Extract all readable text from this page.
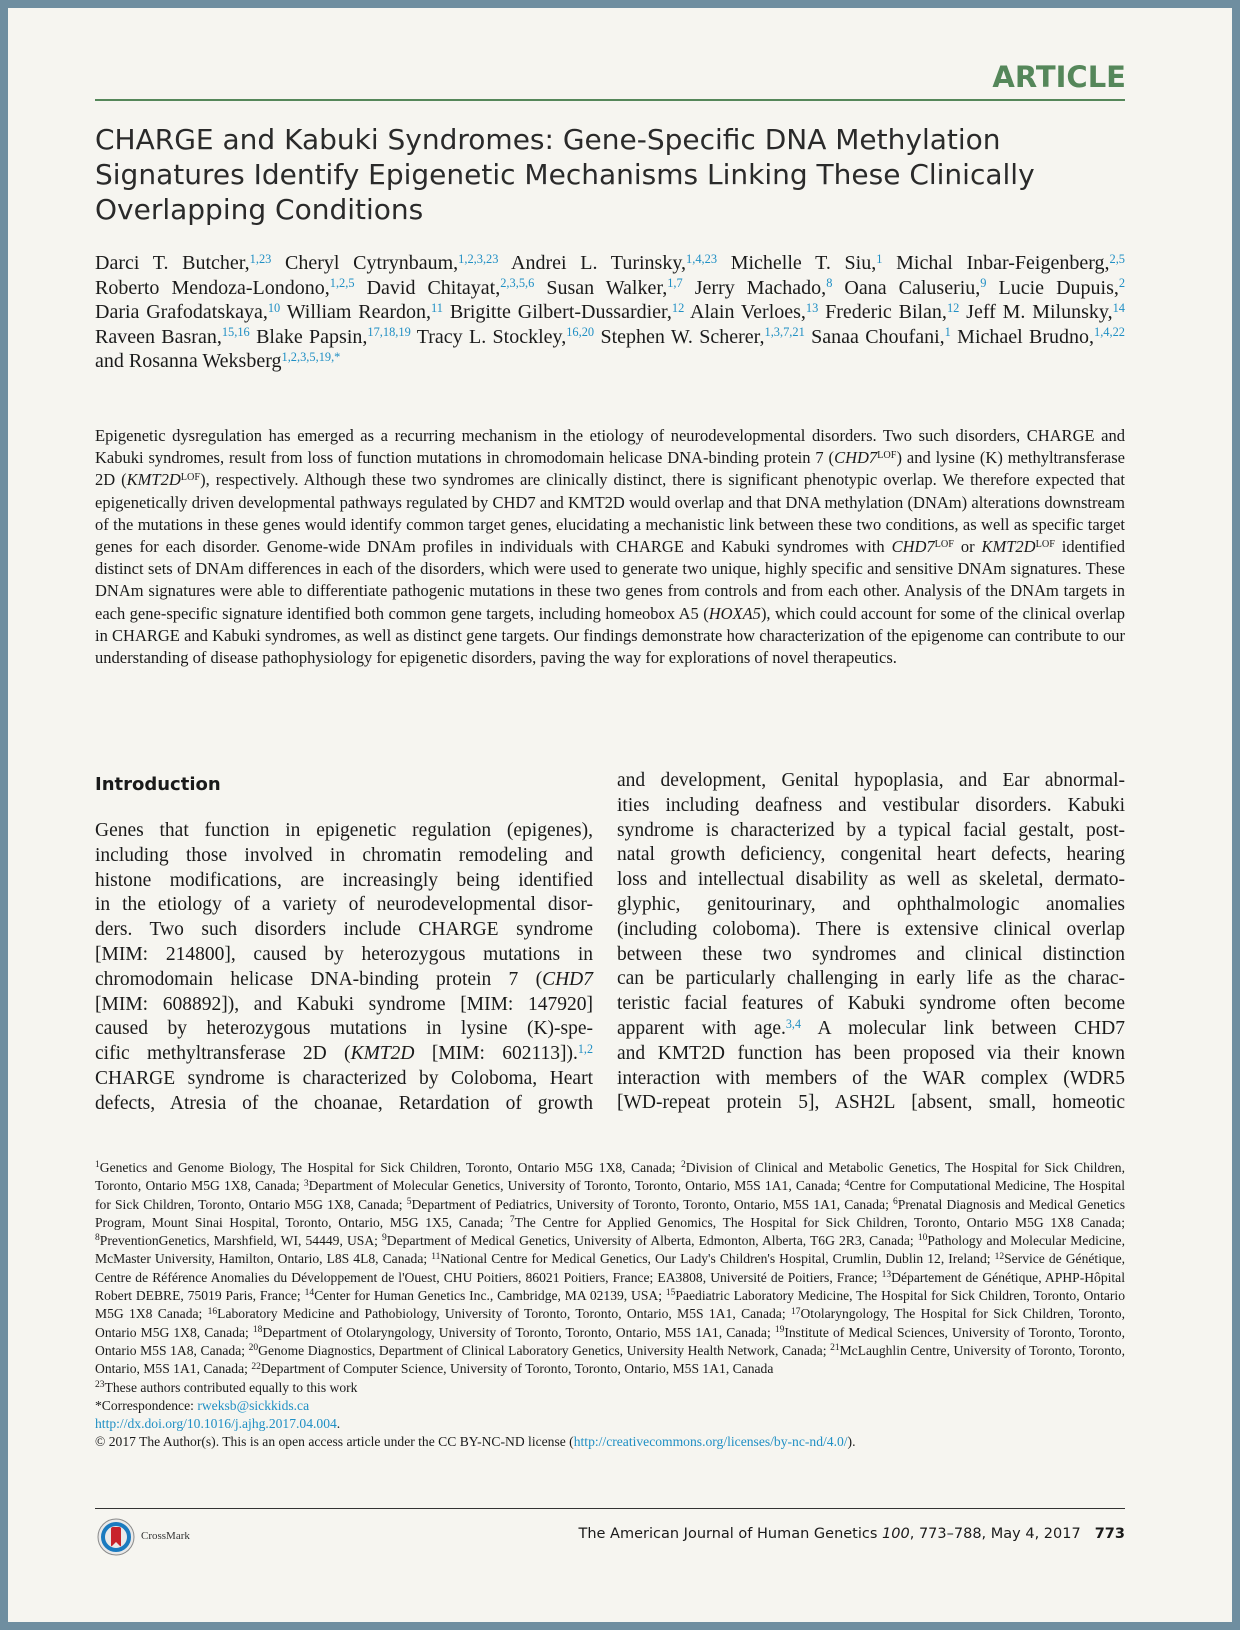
ARTICLE
CHARGE and Kabuki Syndromes: Gene-Specific DNA Methylation Signatures Identify Epigenetic Mechanisms Linking These Clinically Overlapping Conditions
Darci T. Butcher,$^{1,23}$ Cheryl Cytrynbaum,$^{1,2,3,23}$ Andrei L. Turinsky,$^{1,4,23}$ Michelle T. Siu,$^1$ Michal Inbar-Feigenberg,$^{2,5}$ Roberto Mendoza-Londono,$^{1,2,5}$ David Chitayat,$^{2,3,5,6}$ Susan Walker,$^{1,7}$ Jerry Machado,$^8$ Oana Caluseriu,$^9$ Lucie Dupuis,$^2$ Daria Grafodatskaya,$^{10}$ William Reardon,$^{11}$ Brigitte Gilbert-Dussardier,$^{12}$ Alain Verloes,$^{13}$ Frederic Bilan,$^{12}$ Jeff M. Milunsky,$^{14}$ Raveen Basran,$^{15,16}$ Blake Papsin,$^{17,18,19}$ Tracy L. Stockley,$^{16,20}$ Stephen W. Scherer,$^{1,3,7,21}$ Sanaa Choufani,$^1$ Michael Brudno,$^{1,4,22}$ and Rosanna Weksberg$^{1,2,3,5,19,*}$
Epigenetic dysregulation has emerged as a recurring mechanism in the etiology of neurodevelopmental disorders. Two such disorders, CHARGE and Kabuki syndromes, result from loss of function mutations in chromodomain helicase DNA-binding protein 7 $(CHD7^{LOF})$ and lysine (K) methyltransferase 2D $(KMT2D^{LOF})$, respectively. Although these two syndromes are clinically distinct, there is significant phenotypic overlap. We therefore expected that epigenetically driven developmental pathways regulated by CHD7 and KMT2D would overlap and that DNA methylation (DNAm) alterations downstream of the mutations in these genes would identify common target genes, elucidating a mechanistic link between these two conditions, as well as specific target genes for each disorder. Genome-wide DNAm profiles in individuals with CHARGE and Kabuki syndromes with $CHD7^{LOF}$ or $KMT2D^{LOF}$ identified distinct sets of DNAm differences in each of the disorders, which were used to generate two unique, highly specific and sensitive DNAm signatures. These DNAm signatures were able to differentiate pathogenic mutations in these two genes from controls and from each other. Analysis of the DNAm targets in each gene-specific signature identified both common gene targets, including homeobox A5 (HOXA5), which could account for some of the clinical overlap in CHARGE and Kabuki syndromes, as well as distinct gene targets. Our findings demonstrate how characterization of the epigenome can contribute to our understanding of disease pathophysiology for epigenetic disorders, paving the way for explorations of novel therapeutics.
Introduction
Genes that function in epigenetic regulation (epigenes),
including those involved in chromatin remodeling and
histone modifications, are increasingly being identified
in the etiology of a variety of neurodevelopmental disor-
ders. Two such disorders include CHARGE syndrome
[MIM: 214800], caused by heterozygous mutations in
chromodomain helicase DNA-binding protein 7 (CHD7
[MIM: 608892]), and Kabuki syndrome [MIM: 147920]
caused by heterozygous mutations in lysine (K)-spe-
cific methyltransferase 2D (KMT2D [MIM: 602113]).$^{1,2}$
CHARGE syndrome is characterized by Coloboma, Heart
defects, Atresia of the choanae, Retardation of growth
and development, Genital hypoplasia, and Ear abnormal-
ities including deafness and vestibular disorders. Kabuki
syndrome is characterized by a typical facial gestalt, post-
natal growth deficiency, congenital heart defects, hearing
loss and intellectual disability as well as skeletal, dermato-
glyphic, genitourinary, and ophthalmologic anomalies
(including coloboma). There is extensive clinical overlap
between these two syndromes and clinical distinction
can be particularly challenging in early life as the charac-
teristic facial features of Kabuki syndrome often become
apparent with age.$^{3,4}$ A molecular link between CHD7
and KMT2D function has been proposed via their known
interaction with members of the WAR complex (WDR5
[WD-repeat protein 5], ASH2L [absent, small, homeotic
$^1$Genetics and Genome Biology, The Hospital for Sick Children, Toronto, Ontario M5G 1X8, Canada; $^2$Division of Clinical and Metabolic Genetics, The Hospital for Sick Children, Toronto, Ontario M5G 1X8, Canada; $^3$Department of Molecular Genetics, University of Toronto, Toronto, Ontario, M5S 1A1, Canada; $^4$Centre for Computational Medicine, The Hospital for Sick Children, Toronto, Ontario M5G 1X8, Canada; $^5$Department of Pediatrics, University of Toronto, Toronto, Ontario, M5S 1A1, Canada; $^6$Prenatal Diagnosis and Medical Genetics Program, Mount Sinai Hospital, Toronto, Ontario, M5G 1X5, Canada; $^7$The Centre for Applied Genomics, The Hospital for Sick Children, Toronto, Ontario M5G 1X8 Canada; $^8$PreventionGenetics, Marshfield, WI, 54449, USA; $^9$Department of Medical Genetics, University of Alberta, Edmonton, Alberta, T6G 2R3, Canada; $^{10}$Pathology and Molecular Medicine, McMaster University, Hamilton, Ontario, L8S 4L8, Canada; $^{11}$National Centre for Medical Genetics, Our Lady's Children's Hospital, Crumlin, Dublin 12, Ireland; $^{12}$Service de Génétique, Centre de Référence Anomalies du Développement de l'Ouest, CHU Poitiers, 86021 Poitiers, France; EA3808, Université de Poitiers, France; $^{13}$Département de Génétique, APHP-Hôpital Robert DEBRE, 75019 Paris, France; $^{14}$Center for Human Genetics Inc., Cambridge, MA 02139, USA; $^{15}$Paediatric Laboratory Medicine, The Hospital for Sick Children, Toronto, Ontario M5G 1X8 Canada; $^{16}$Laboratory Medicine and Pathobiology, University of Toronto, Toronto, Ontario, M5S 1A1, Canada; $^{17}$Otolaryngology, The Hospital for Sick Children, Toronto, Ontario M5G 1X8, Canada; $^{18}$Department of Otolaryngology, University of Toronto, Toronto, Ontario, M5S 1A1, Canada; $^{19}$Institute of Medical Sciences, University of Toronto, Toronto, Ontario M5S 1A8, Canada; $^{20}$Genome Diagnostics, Department of Clinical Laboratory Genetics, University Health Network, Canada; $^{21}$McLaughlin Centre, University of Toronto, Toronto, Ontario, M5S 1A1, Canada; $^{22}$Department of Computer Science, University of Toronto, Toronto, Ontario, M5S 1A1, Canada
$^{23}$These authors contributed equally to this work
*Correspondence: rweksb@sickkids.ca
http://dx.doi.org/10.1016/j.ajhg.2017.04.004.
© 2017 The Author(s). This is an open access article under the CC BY-NC-ND license (http://creativecommons.org/licenses/by-nc-nd/4.0/).
CrossMark	The American Journal of Human Genetics 100, 773–788, May 4, 2017 773
